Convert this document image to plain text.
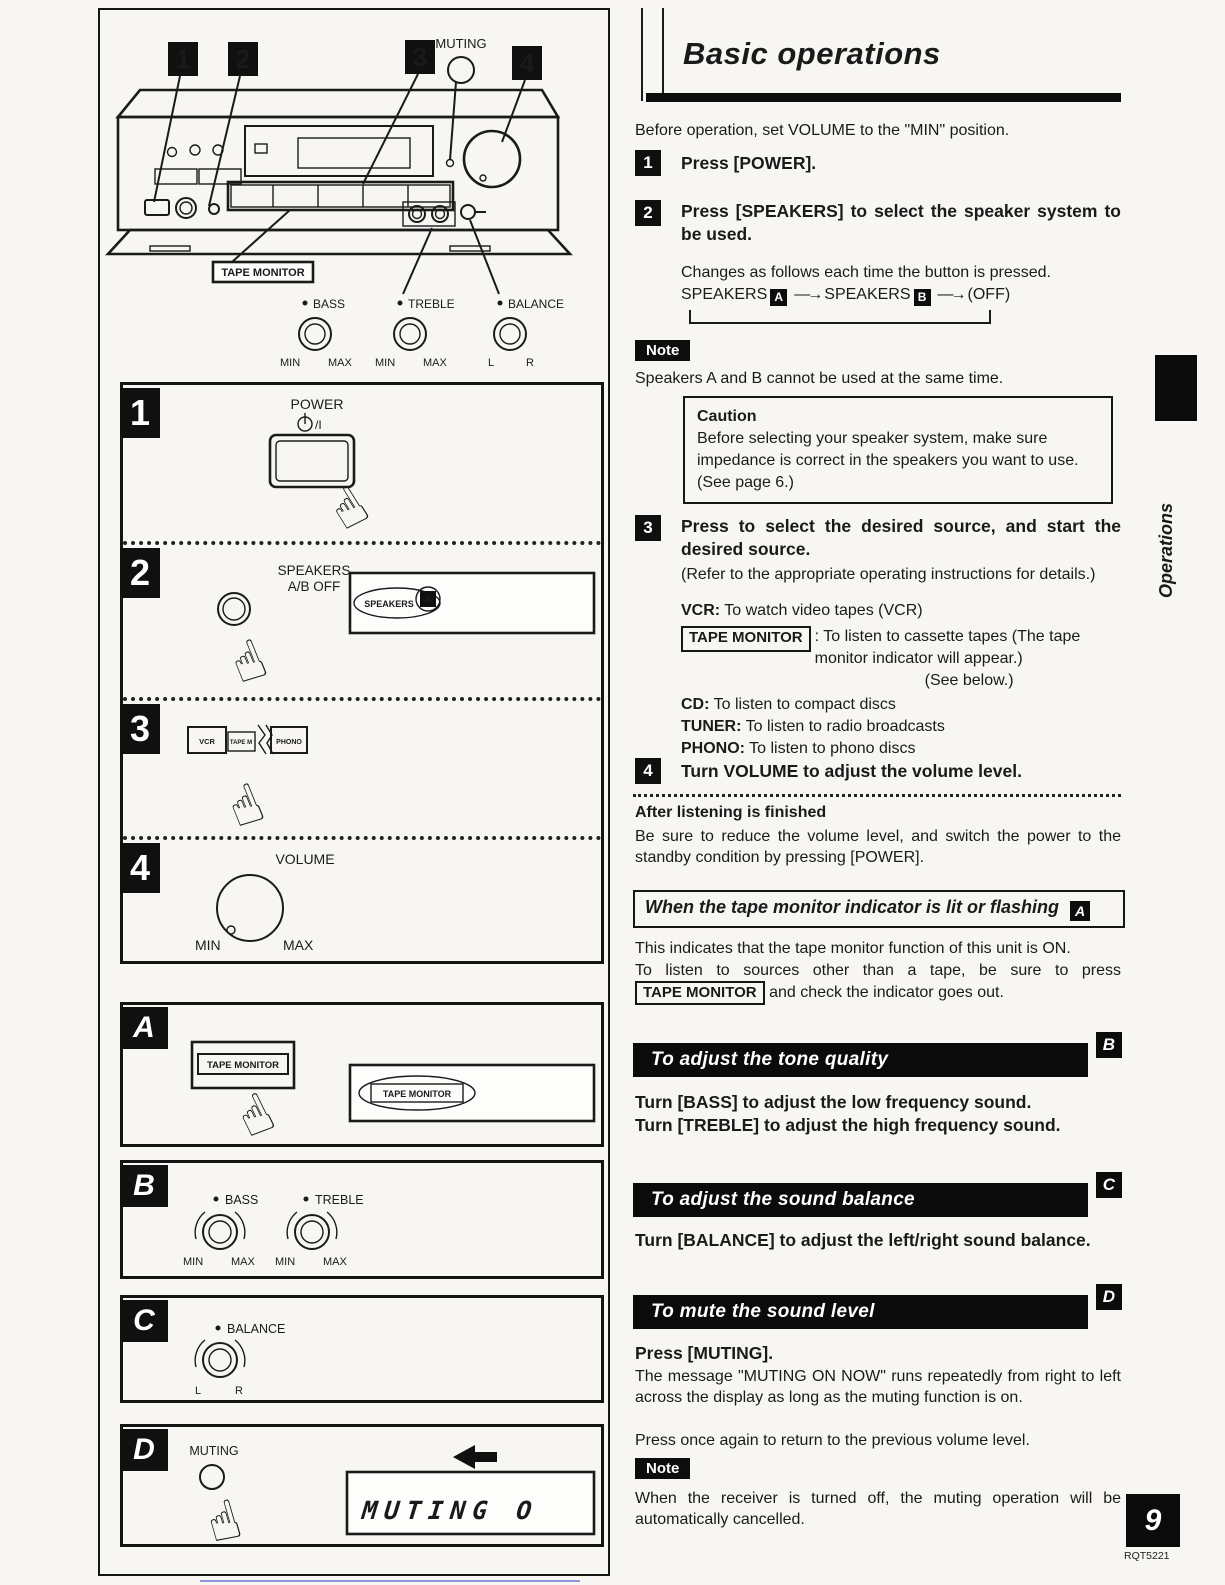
1 2	3	4
MUTING
TAPE MONITOR
BASS
MIN	MAX
TREBLE
MIN	MAX
BALANCE
L	R
1	POWER
/I
☝
2	SPEAKERS
A/B OFF
☝
SPEAKERS A
3	VCR TAPE M	PHONO
☝
4	VOLUME
MIN	MAX
A
TAPE MONITOR
☝	TAPE MONITOR
B	BASS
MIN	MAX
TREBLE
MIN	MAX
C	BALANCE
L	R
D	MUTING
☝	MUTING O
Basic operations
Before operation, set VOLUME to the "MIN" position.
1	Press [POWER].
2	Press [SPEAKERS] to select the speaker system to be used.
Changes as follows each time the button is pressed.
SPEAKERS A —→ SPEAKERS B —→ (OFF)
Note
Speakers A and B cannot be used at the same time.
Caution
Before selecting your speaker system, make sure impedance is correct in the speakers you want to use.
(See page 6.)
3	Press to select the desired source, and start the desired source.
(Refer to the appropriate operating instructions for details.)
VCR: To watch video tapes (VCR)
TAPE MONITOR : To listen to cassette tapes (The tape monitor indicator will appear.)
(See below.)
CD: To listen to compact discs
TUNER: To listen to radio broadcasts
PHONO: To listen to phono discs
4	Turn VOLUME to adjust the volume level.
After listening is finished
Be sure to reduce the volume level, and switch the power to the standby condition by pressing [POWER].
When the tape monitor indicator is lit or flashing A
This indicates that the tape monitor function of this unit is ON.
To listen to sources other than a tape, be sure to press TAPE MONITOR and check the indicator goes out.
To adjust the tone quality
B
Turn [BASS] to adjust the low frequency sound.
Turn [TREBLE] to adjust the high frequency sound.
To adjust the sound balance
C
Turn [BALANCE] to adjust the left/right sound balance.
To mute the sound level
D
Press [MUTING].
The message "MUTING ON NOW" runs repeatedly from right to left across the display as long as the muting function is on.
Press once again to return to the previous volume level.
Note
When the receiver is turned off, the muting operation will be automatically cancelled.
Operations
9
RQT5221
